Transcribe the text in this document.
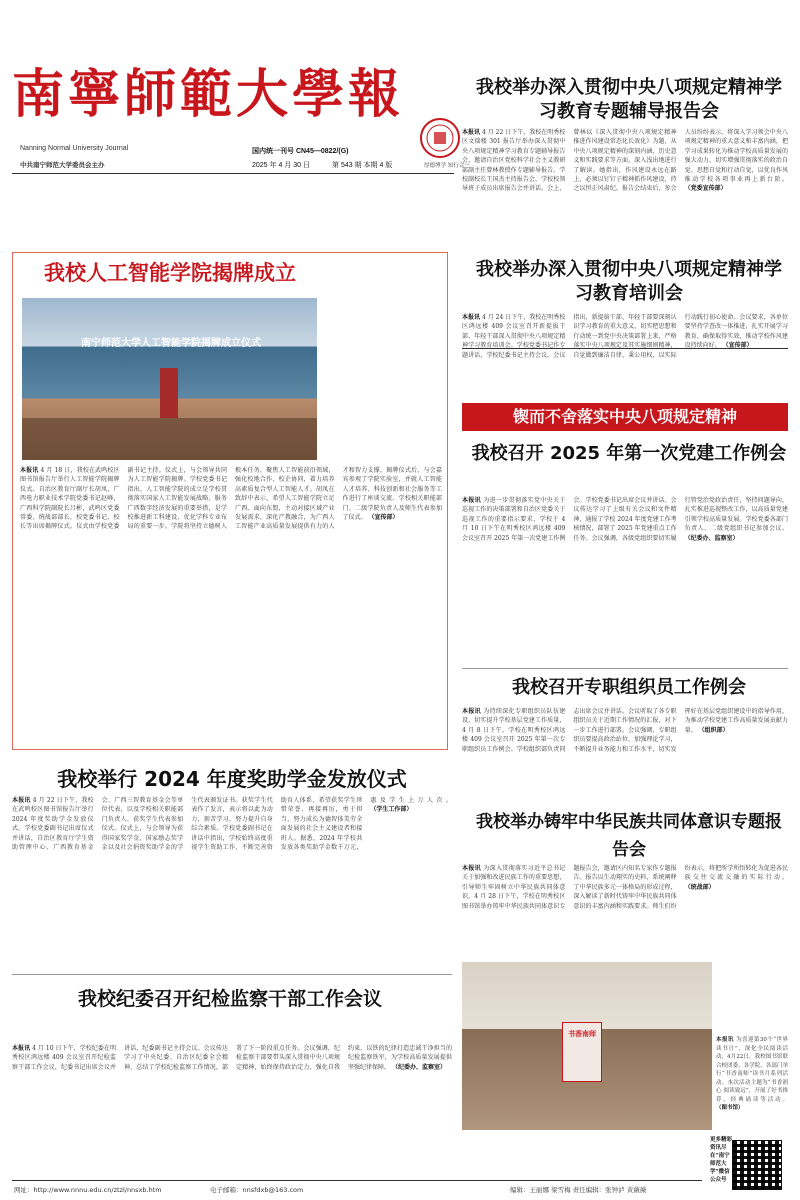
南寧師範大學報
Nanning Normal University Journal
中共南宁师范大学委员会主办
国内统一刊号 CN45—0822/(G)
2025 年 4 月 30 日	第 543 期 本期 4 版	厚德博学 知行合一
我校举办深入贯彻中央八项规定精神学习教育专题辅导报告会
本报讯 4 月 22 日下午，我校在明秀校区文瑞楼 301 报告厅举办深入贯彻中央八项规定精神学习教育专题辅导报告会，邀请自治区党校科学社会主义教研部副主任曾林教授作专题辅导报告。学校副校长王国杰主持报告会，学校校领导班子成员出席报告会并讲话。会上，曾林以《深入贯彻中央八项规定精神 推进作风建设常态化长效化》为题，从中央八项规定精神的深刻内涵、历史意义和实践要求等方面，深入浅出地进行了解读。她指出，作风建设永远在路上，必须以钉钉子精神抓作风建设，持之以恒正风肃纪。报告会结束后，参会人员纷纷表示，将深入学习领会中央八项规定精神的重大意义和丰富内涵，把学习成果转化为推动学校高质量发展的强大动力，切实增强贯彻落实的政治自觉、思想自觉和行动自觉，以优良作风推动学校各项事业再上新台阶。 （党委宣传部）
我校举办深入贯彻中央八项规定精神学习教育培训会
本报讯 4 月 24 日下午，我校在明秀校区鸿远楼 409 会议室召开新提拔干部、年轻干部深入贯彻中央八项规定精神学习教育培训会。学校党委书记作专题讲话，学校纪委书记主持会议。会议指出，新提拔干部、年轻干部要深刻认识学习教育的重大意义，切实把思想和行动统一到党中央决策部署上来，严格落实中央八项规定及其实施细则精神，自觉做到廉洁自律、秉公用权，以实际行动践行初心使命。会议要求，各单位要坚持学查改一体推进，扎实开展学习教育，确保取得实效，推动学校作风建设持续向好。 （宣传部）
锲而不舍落实中央八项规定精神
我校召开 2025 年第一次党建工作例会
本报讯 为进一步贯彻落实党中央关于巡视工作的决策部署和自治区党委关于巡视工作的重要指示要求，学校于 4 月 10 日下午在明秀校区鸿远楼 409 会议室召开 2025 年第一次党建工作例会。学校党委书记出席会议并讲话。会议传达学习了上级有关会议和文件精神，通报了学校 2024 年度党建工作考核情况，部署了 2025 年党建重点工作任务。会议强调，各级党组织要切实履行管党治党政治责任，坚持问题导向，扎实推进巡视整改工作，以高质量党建引领学校高质量发展。学校党委各部门负责人、二级党组织书记参加会议。 （纪委办、监察室）
我校召开专职组织员工作例会
本报讯 为持续深化专职组织员队伍建设，切实提升学校基层党建工作质量，4 月 8 日下午，学校在明秀校区鸿远楼 409 会议室召开 2025 年第一次专职组织员工作例会。学校组织部负责同志出席会议并讲话。会议听取了各专职组织员关于近期工作情况的汇报，对下一步工作进行部署。会议强调，专职组织员要提高政治站位，加强理论学习，不断提升业务能力和工作水平，切实发挥好在基层党组织建设中的指导作用，为推动学校党建工作高质量发展贡献力量。 （组织部）
我校人工智能学院揭牌成立
南宁师范大学人工智能学院揭牌成立仪式
本报讯 4 月 18 日，我校在武鸣校区图书馆报告厅举行人工智能学院揭牌仪式。自治区教育厅副厅长胡凤，广西电力职业技术学院党委书记赵峰，广西科学院副院长吕彬，武鸣区党委常委、统战部部长，校党委书记、校长等出席揭牌仪式。仪式由学校党委副书记主持。仪式上，与会领导共同为人工智能学院揭牌。学校党委书记指出，人工智能学院的成立是学校贯彻落实国家人工智能发展战略、服务广西数字经济发展的重要举措，是学校推进新工科建设、优化学科专业布局的重要一步。学院将坚持立德树人根本任务，聚焦人工智能前沿领域，强化校地合作、校企协同，着力培养高素质复合型人工智能人才。胡凤在致辞中表示，希望人工智能学院立足广西、面向东盟，主动对接区域产业发展需求，深化产教融合，为广西人工智能产业高质量发展提供有力的人才和智力支撑。揭牌仪式后，与会嘉宾参观了学院实验室，并就人工智能人才培养、科技创新和社会服务等工作进行了座谈交流。学校相关职能部门、二级学院负责人及师生代表参加了仪式。 （宣传部）
我校举行 2024 年度奖助学金发放仪式
本报讯 4 月 22 日下午，我校在武鸣校区图书馆报告厅举行 2024 年度奖助学金发放仪式。学校党委副书记出席仪式并讲话，自治区教育厅学生资助管理中心、广西教育基金会、广西三智教育基金会等单位代表，以及学校相关职能部门负责人、获奖学生代表参加仪式。仪式上，与会领导为获得国家奖学金、国家励志奖学金以及社会捐资奖助学金的学生代表颁发证书。获奖学生代表作了发言，表示将以此为动力，刻苦学习，努力提升自身综合素质。学校党委副书记在讲话中指出，学校始终高度重视学生资助工作，不断完善资助育人体系，希望获奖学生珍惜荣誉、再接再厉，勇于担当，努力成长为德智体美劳全面发展的社会主义建设者和接班人。据悉，2024 年学校共发放各类奖助学金数千万元，惠及学生上万人次。 （学生工作部）
我校举办铸牢中华民族共同体意识专题报告会
本报讯 为深入贯彻落实习近平总书记关于加强和改进民族工作的重要思想，引导师生牢固树立中华民族共同体意识，4 月 28 日下午，学校在明秀校区图书馆举办铸牢中华民族共同体意识专题报告会，邀请区内知名专家作专题报告。报告以生动翔实的史料，系统阐释了中华民族多元一体格局的形成过程，深入解读了新时代铸牢中华民族共同体意识的丰富内涵和实践要求。师生们纷纷表示，将把所学所悟转化为促进各民族交往交流交融的实际行动。 （统战部）
我校纪委召开纪检监察干部工作会议
本报讯 4 月 10 日下午，学校纪委在明秀校区鸿远楼 409 会议室召开纪检监察干部工作会议，纪委书记出席会议并讲话，纪委副书记主持会议。会议传达学习了中央纪委、自治区纪委全会精神，总结了学校纪检监察工作情况，部署了下一阶段重点任务。会议强调，纪检监察干部要带头深入贯彻中央八项规定精神，始终保持政治定力，强化自我约束，以铁的纪律打造忠诚干净担当的纪检监察铁军，为学校高质量发展提供坚强纪律保障。 （纪委办、监察室）
书香南师
本报讯 为喜迎第30个“世界读书日”，深化全民阅读活动，4月22日，我校图书馆联合校团委、各学院、各部门举行“书香南师”读书月系列活动。本次活动主题为“书香润心 阅读致远”，开展了好书推荐、经典诵读等活动。 （图书馆）
更多精彩资讯尽在“南宁师范大学”微信公众号
网址：http://www.nnnu.edu.cn/ztzl/nnsxb.htm	电子邮箱：nnsfdxb@163.com	编辑：王丽娜 梁雪梅 责任编辑：张钟泸 黄薇薇
